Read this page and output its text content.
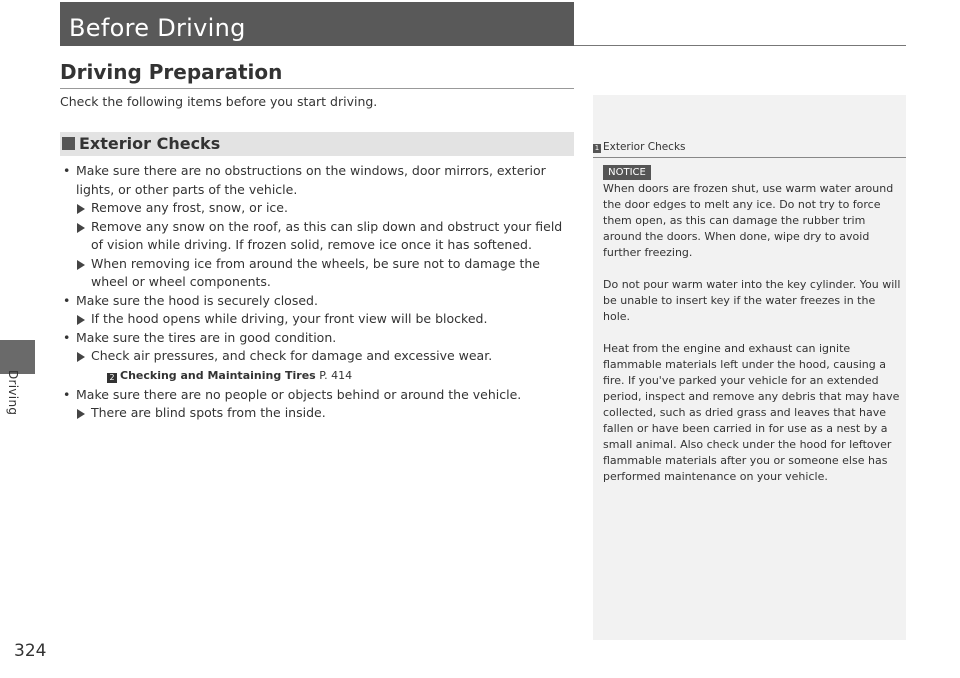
Driving
Before Driving
Driving Preparation
Check the following items before you start driving.
Exterior Checks
• Make sure there are no obstructions on the windows, door mirrors, exterior lights, or other parts of the vehicle.
Remove any frost, snow, or ice.
Remove any snow on the roof, as this can slip down and obstruct your field of vision while driving. If frozen solid, remove ice once it has softened.
When removing ice from around the wheels, be sure not to damage the wheel or wheel components.
• Make sure the hood is securely closed.
If the hood opens while driving, your front view will be blocked.
• Make sure the tires are in good condition.
Check air pressures, and check for damage and excessive wear.
2 Checking and Maintaining Tires P. 414
• Make sure there are no people or objects behind or around the vehicle.
There are blind spots from the inside.
1 Exterior Checks
NOTICE

When doors are frozen shut, use warm water around the door edges to melt any ice. Do not try to force them open, as this can damage the rubber trim around the doors. When done, wipe dry to avoid further freezing.

Do not pour warm water into the key cylinder. You will be unable to insert key if the water freezes in the hole.

Heat from the engine and exhaust can ignite flammable materials left under the hood, causing a fire. If you've parked your vehicle for an extended period, inspect and remove any debris that may have collected, such as dried grass and leaves that have fallen or have been carried in for use as a nest by a small animal. Also check under the hood for leftover flammable materials after you or someone else has performed maintenance on your vehicle.

324
